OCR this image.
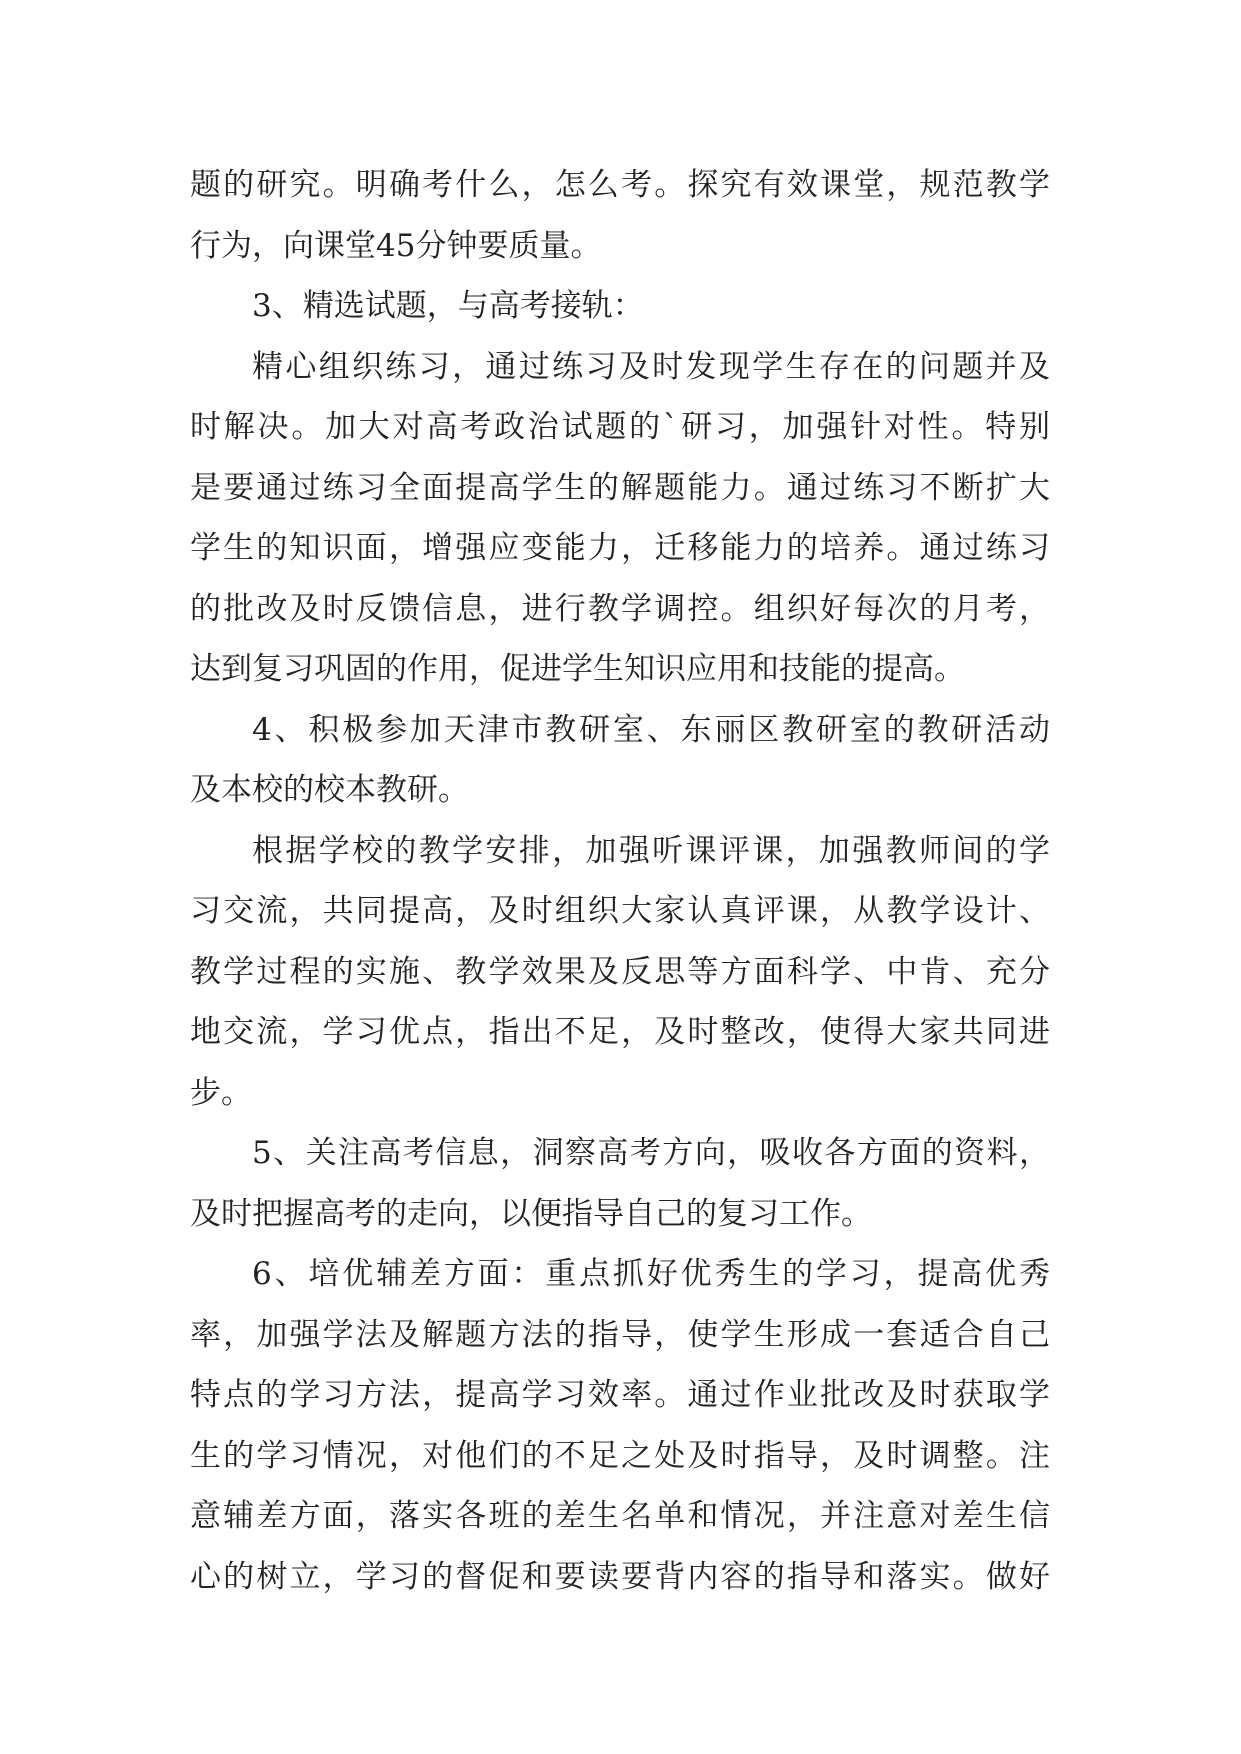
题的研究。明确考什么，怎么考。探究有效课堂，规范教学
行为，向课堂45分钟要质量。
3、精选试题，与高考接轨：
精心组织练习，通过练习及时发现学生存在的问题并及
时解决。加大对高考政治试题的`研习，加强针对性。特别
是要通过练习全面提高学生的解题能力。通过练习不断扩大
学生的知识面，增强应变能力，迁移能力的培养。通过练习
的批改及时反馈信息，进行教学调控。组织好每次的月考，
达到复习巩固的作用，促进学生知识应用和技能的提高。
4、积极参加天津市教研室、东丽区教研室的教研活动
及本校的校本教研。
根据学校的教学安排，加强听课评课，加强教师间的学
习交流，共同提高，及时组织大家认真评课，从教学设计、
教学过程的实施、教学效果及反思等方面科学、中肯、充分
地交流，学习优点，指出不足，及时整改，使得大家共同进
步。
5、关注高考信息，洞察高考方向，吸收各方面的资料，
及时把握高考的走向，以便指导自己的复习工作。
6、培优辅差方面：重点抓好优秀生的学习，提高优秀
率，加强学法及解题方法的指导，使学生形成一套适合自己
特点的学习方法，提高学习效率。通过作业批改及时获取学
生的学习情况，对他们的不足之处及时指导，及时调整。注
意辅差方面，落实各班的差生名单和情况，并注意对差生信
心的树立，学习的督促和要读要背内容的指导和落实。做好
